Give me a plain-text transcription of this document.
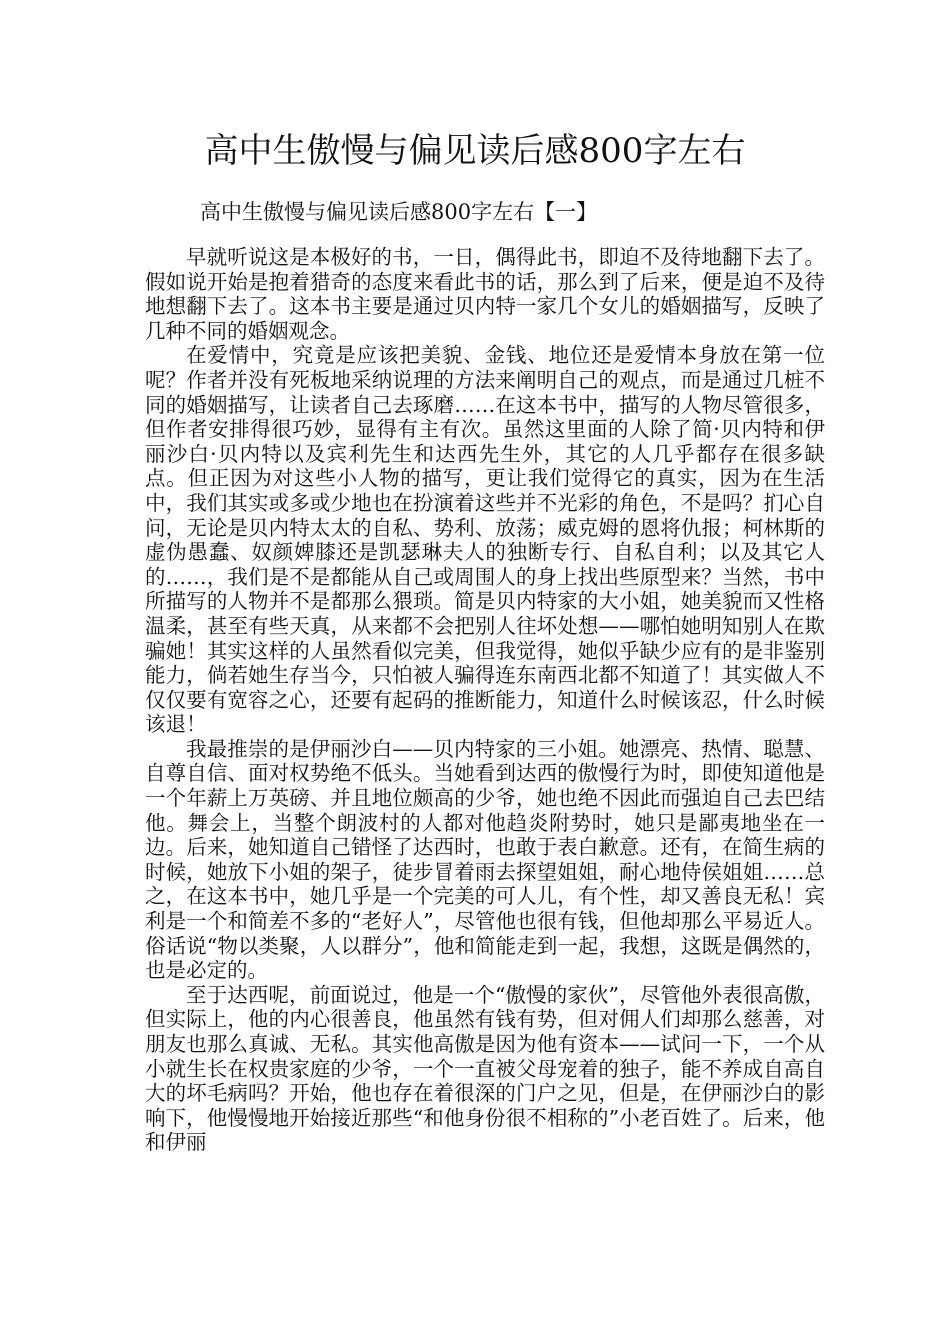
高中生傲慢与偏见读后感800字左右
高中生傲慢与偏见读后感800字左右【一】

早就听说这是本极好的书，一日，偶得此书，即迫不及待地翻下去了。假如说开始是抱着猎奇的态度来看此书的话，那么到了后来，便是迫不及待地想翻下去了。这本书主要是通过贝内特一家几个女儿的婚姻描写，反映了几种不同的婚姻观念。

在爱情中，究竟是应该把美貌、金钱、地位还是爱情本身放在第一位呢？作者并没有死板地采纳说理的方法来阐明自己的观点，而是通过几桩不同的婚姻描写，让读者自己去琢磨……在这本书中，描写的人物尽管很多，但作者安排得很巧妙，显得有主有次。虽然这里面的人除了简·贝内特和伊丽沙白·贝内特以及宾利先生和达西先生外，其它的人几乎都存在很多缺点。但正因为对这些小人物的描写，更让我们觉得它的真实，因为在生活中，我们其实或多或少地也在扮演着这些并不光彩的角色，不是吗？扪心自问，无论是贝内特太太的自私、势利、放荡；威克姆的恩将仇报；柯林斯的虚伪愚蠢、奴颜婢膝还是凯瑟琳夫人的独断专行、自私自利；以及其它人的……，我们是不是都能从自己或周围人的身上找出些原型来？当然，书中所描写的人物并不是都那么猥琐。简是贝内特家的大小姐，她美貌而又性格温柔，甚至有些天真，从来都不会把别人往坏处想——哪怕她明知别人在欺骗她！其实这样的人虽然看似完美，但我觉得，她似乎缺少应有的是非鉴别能力，倘若她生存当今，只怕被人骗得连东南西北都不知道了！其实做人不仅仅要有宽容之心，还要有起码的推断能力，知道什么时候该忍，什么时候该退！

我最推崇的是伊丽沙白——贝内特家的三小姐。她漂亮、热情、聪慧、自尊自信、面对权势绝不低头。当她看到达西的傲慢行为时，即使知道他是一个年薪上万英磅、并且地位颇高的少爷，她也绝不因此而强迫自己去巴结他。舞会上，当整个朗波村的人都对他趋炎附势时，她只是鄙夷地坐在一边。后来，她知道自己错怪了达西时，也敢于表白歉意。还有，在简生病的时候，她放下小姐的架子，徒步冒着雨去探望姐姐，耐心地侍侯姐姐……总之，在这本书中，她几乎是一个完美的可人儿，有个性，却又善良无私！宾利是一个和简差不多的“老好人”，尽管他也很有钱，但他却那么平易近人。俗话说“物以类聚，人以群分”，他和简能走到一起，我想，这既是偶然的，也是必定的。

至于达西呢，前面说过，他是一个“傲慢的家伙”，尽管他外表很高傲，但实际上，他的内心很善良，他虽然有钱有势，但对佣人们却那么慈善，对朋友也那么真诚、无私。其实他高傲是因为他有资本——试问一下，一个从小就生长在权贵家庭的少爷，一个一直被父母宠着的独子，能不养成自高自大的坏毛病吗？开始，他也存在着很深的门户之见，但是，在伊丽沙白的影响下，他慢慢地开始接近那些“和他身份很不相称的”小老百姓了。后来，他和伊丽
